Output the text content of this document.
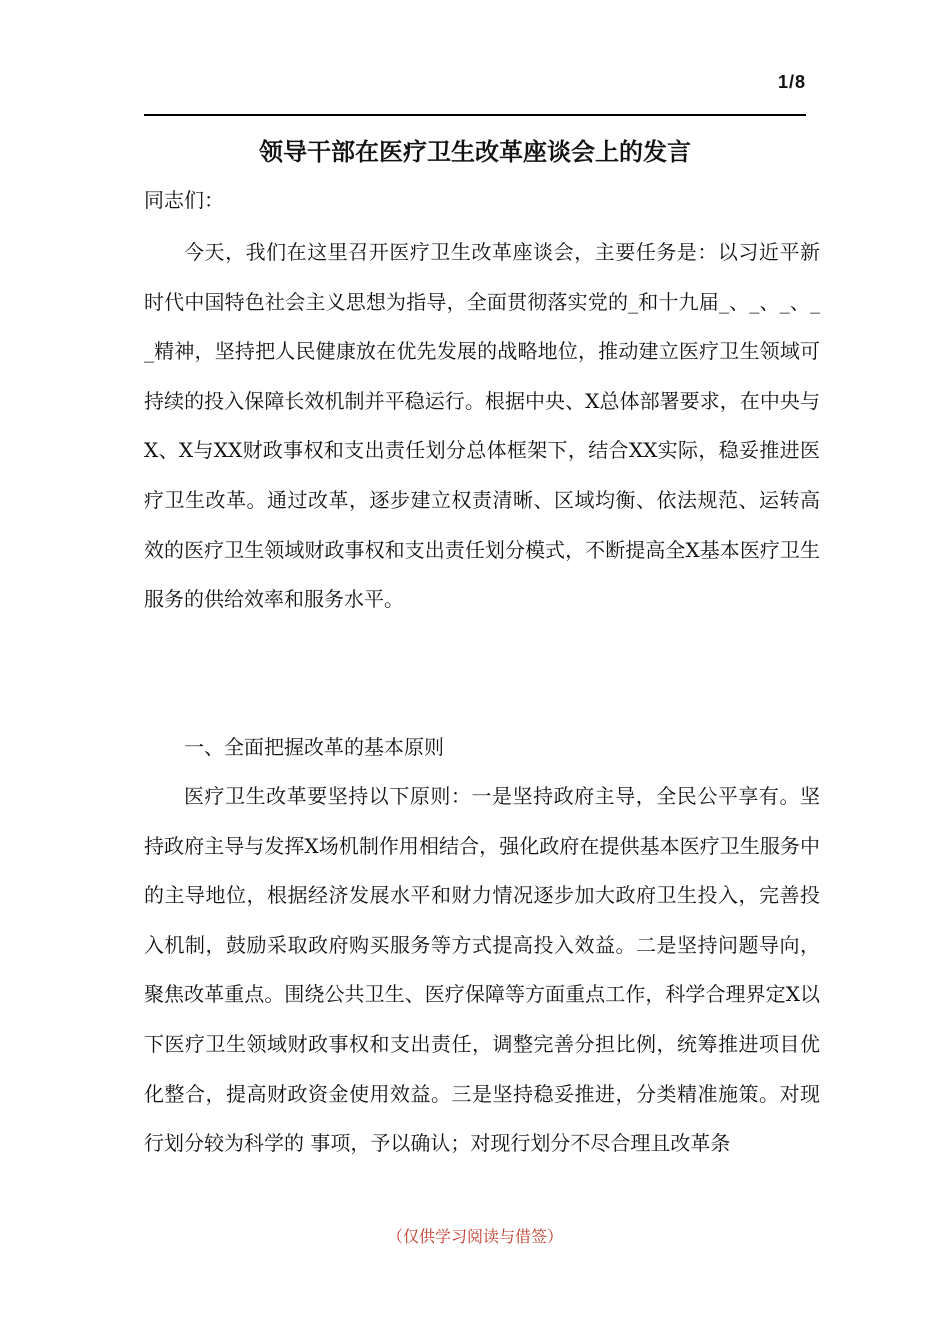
1/8
领导干部在医疗卫生改革座谈会上的发言

同志们：

今天，我们在这里召开医疗卫生改革座谈会，主要任务是：以习近平新时代中国特色社会主义思想为指导，全面贯彻落实党的_和十九届_、_、_、__精神，坚持把人民健康放在优先发展的战略地位，推动建立医疗卫生领域可持续的投入保障长效机制并平稳运行。根据中央、X总体部署要求，在中央与X、X与XX财政事权和支出责任划分总体框架下，结合XX实际，稳妥推进医疗卫生改革。通过改革，逐步建立权责清晰、区域均衡、依法规范、运转高效的医疗卫生领域财政事权和支出责任划分模式，不断提高全X基本医疗卫生服务的供给效率和服务水平。

一、全面把握改革的基本原则

医疗卫生改革要坚持以下原则：一是坚持政府主导，全民公平享有。坚持政府主导与发挥X场机制作用相结合，强化政府在提供基本医疗卫生服务中的主导地位，根据经济发展水平和财力情况逐步加大政府卫生投入，完善投入机制，鼓励采取政府购买服务等方式提高投入效益。二是坚持问题导向，聚焦改革重点。围绕公共卫生、医疗保障等方面重点工作，科学合理界定X以下医疗卫生领域财政事权和支出责任，调整完善分担比例，统筹推进项目优化整合，提高财政资金使用效益。三是坚持稳妥推进，分类精准施策。对现行划分较为科学的 事项，予以确认；对现行划分不尽合理且改革条

（仅供学习阅读与借签）
